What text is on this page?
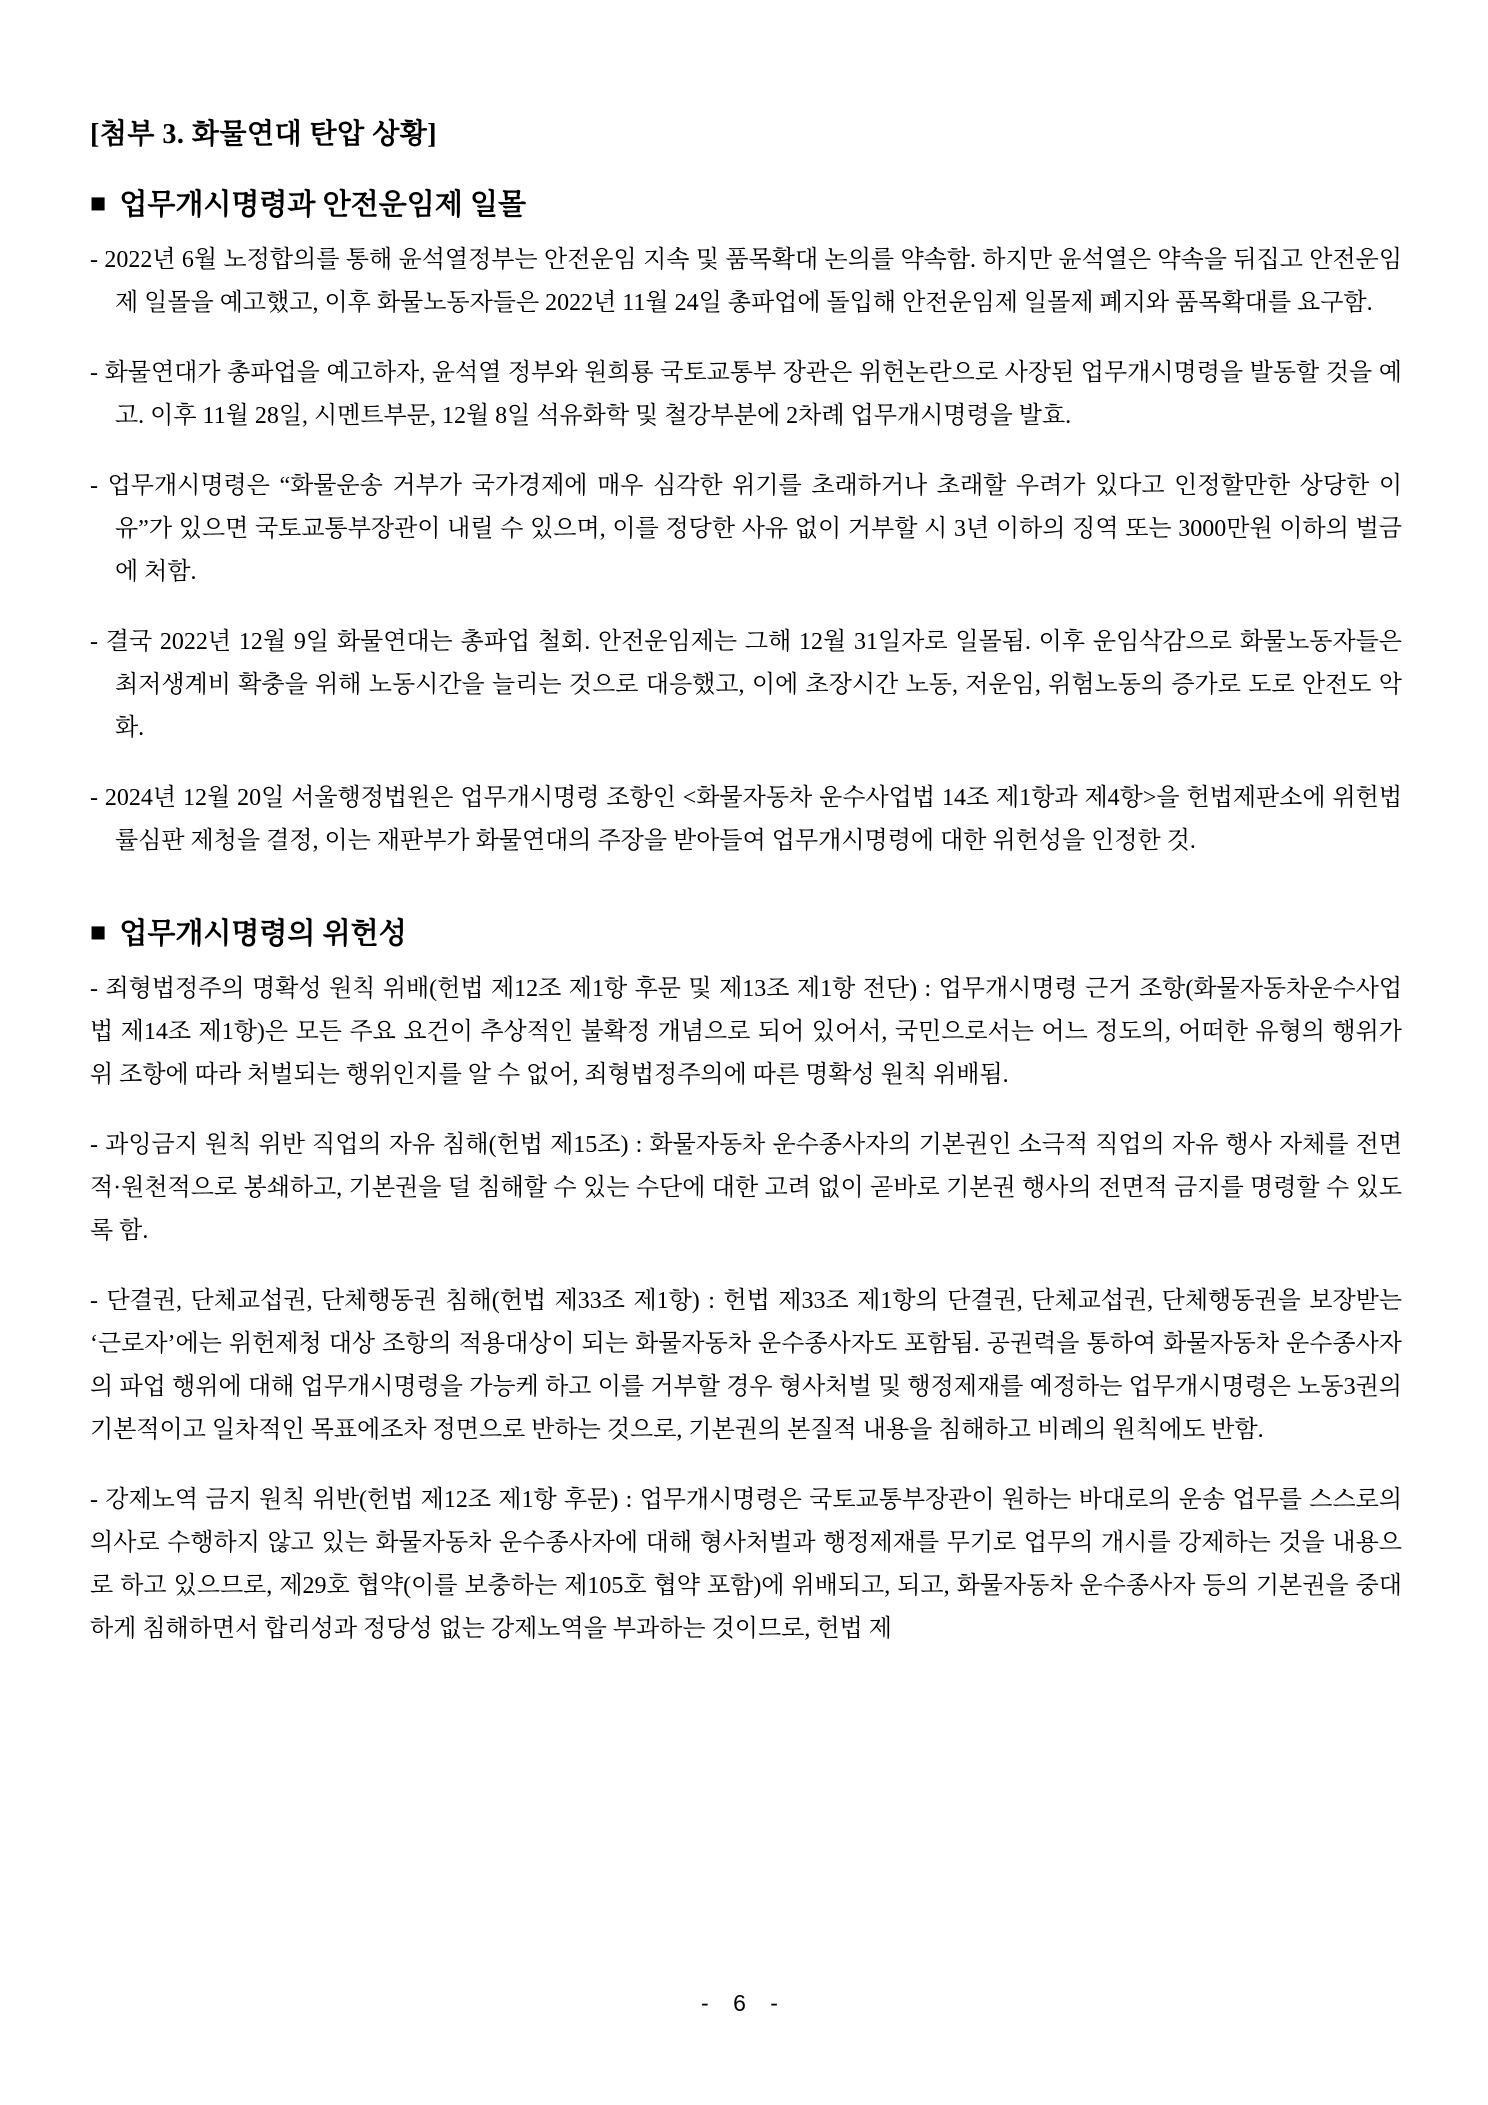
[첨부 3. 화물연대 탄압 상황]
■ 업무개시명령과 안전운임제 일몰

- 2022년 6월 노정합의를 통해 윤석열정부는 안전운임 지속 및 품목확대 논의를 약속함. 하지만 윤석열은 약속을 뒤집고 안전운임제 일몰을 예고했고, 이후 화물노동자들은 2022년 11월 24일 총파업에 돌입해 안전운임제 일몰제 폐지와 품목확대를 요구함.

- 화물연대가 총파업을 예고하자, 윤석열 정부와 원희룡 국토교통부 장관은 위헌논란으로 사장된 업무개시명령을 발동할 것을 예고. 이후 11월 28일, 시멘트부문, 12월 8일 석유화학 및 철강부분에 2차례 업무개시명령을 발효.

- 업무개시명령은 “화물운송 거부가 국가경제에 매우 심각한 위기를 초래하거나 초래할 우려가 있다고 인정할만한 상당한 이유”가 있으면 국토교통부장관이 내릴 수 있으며, 이를 정당한 사유 없이 거부할 시 3년 이하의 징역 또는 3000만원 이하의 벌금에 처함.

- 결국 2022년 12월 9일 화물연대는 총파업 철회. 안전운임제는 그해 12월 31일자로 일몰됨. 이후 운임삭감으로 화물노동자들은 최저생계비 확충을 위해 노동시간을 늘리는 것으로 대응했고, 이에 초장시간 노동, 저운임, 위험노동의 증가로 도로 안전도 악화.

- 2024년 12월 20일 서울행정법원은 업무개시명령 조항인 <화물자동차 운수사업법 14조 제1항과 제4항>을 헌법제판소에 위헌법률심판 제청을 결정, 이는 재판부가 화물연대의 주장을 받아들여 업무개시명령에 대한 위헌성을 인정한 것.

■ 업무개시명령의 위헌성

- 죄형법정주의 명확성 원칙 위배(헌법 제12조 제1항 후문 및 제13조 제1항 전단) : 업무개시명령 근거 조항(화물자동차운수사업법 제14조 제1항)은 모든 주요 요건이 추상적인 불확정 개념으로 되어 있어서, 국민으로서는 어느 정도의, 어떠한 유형의 행위가 위 조항에 따라 처벌되는 행위인지를 알 수 없어, 죄형법정주의에 따른 명확성 원칙 위배됨.

- 과잉금지 원칙 위반 직업의 자유 침해(헌법 제15조) : 화물자동차 운수종사자의 기본권인 소극적 직업의 자유 행사 자체를 전면적·원천적으로 봉쇄하고, 기본권을 덜 침해할 수 있는 수단에 대한 고려 없이 곧바로 기본권 행사의 전면적 금지를 명령할 수 있도록 함.

- 단결권, 단체교섭권, 단체행동권 침해(헌법 제33조 제1항) : 헌법 제33조 제1항의 단결권, 단체교섭권, 단체행동권을 보장받는 ‘근로자’에는 위헌제청 대상 조항의 적용대상이 되는 화물자동차 운수종사자도 포함됨. 공권력을 통하여 화물자동차 운수종사자의 파업 행위에 대해 업무개시명령을 가능케 하고 이를 거부할 경우 형사처벌 및 행정제재를 예정하는 업무개시명령은 노동3권의 기본적이고 일차적인 목표에조차 정면으로 반하는 것으로, 기본권의 본질적 내용을 침해하고 비례의 원칙에도 반함.

- 강제노역 금지 원칙 위반(헌법 제12조 제1항 후문) : 업무개시명령은 국토교통부장관이 원하는 바대로의 운송 업무를 스스로의 의사로 수행하지 않고 있는 화물자동차 운수종사자에 대해 형사처벌과 행정제재를 무기로 업무의 개시를 강제하는 것을 내용으로 하고 있으므로, 제29호 협약(이를 보충하는 제105호 협약 포함)에 위배되고, 되고, 화물자동차 운수종사자 등의 기본권을 중대하게 침해하면서 합리성과 정당성 없는 강제노역을 부과하는 것이므로, 헌법 제

- 6 -
